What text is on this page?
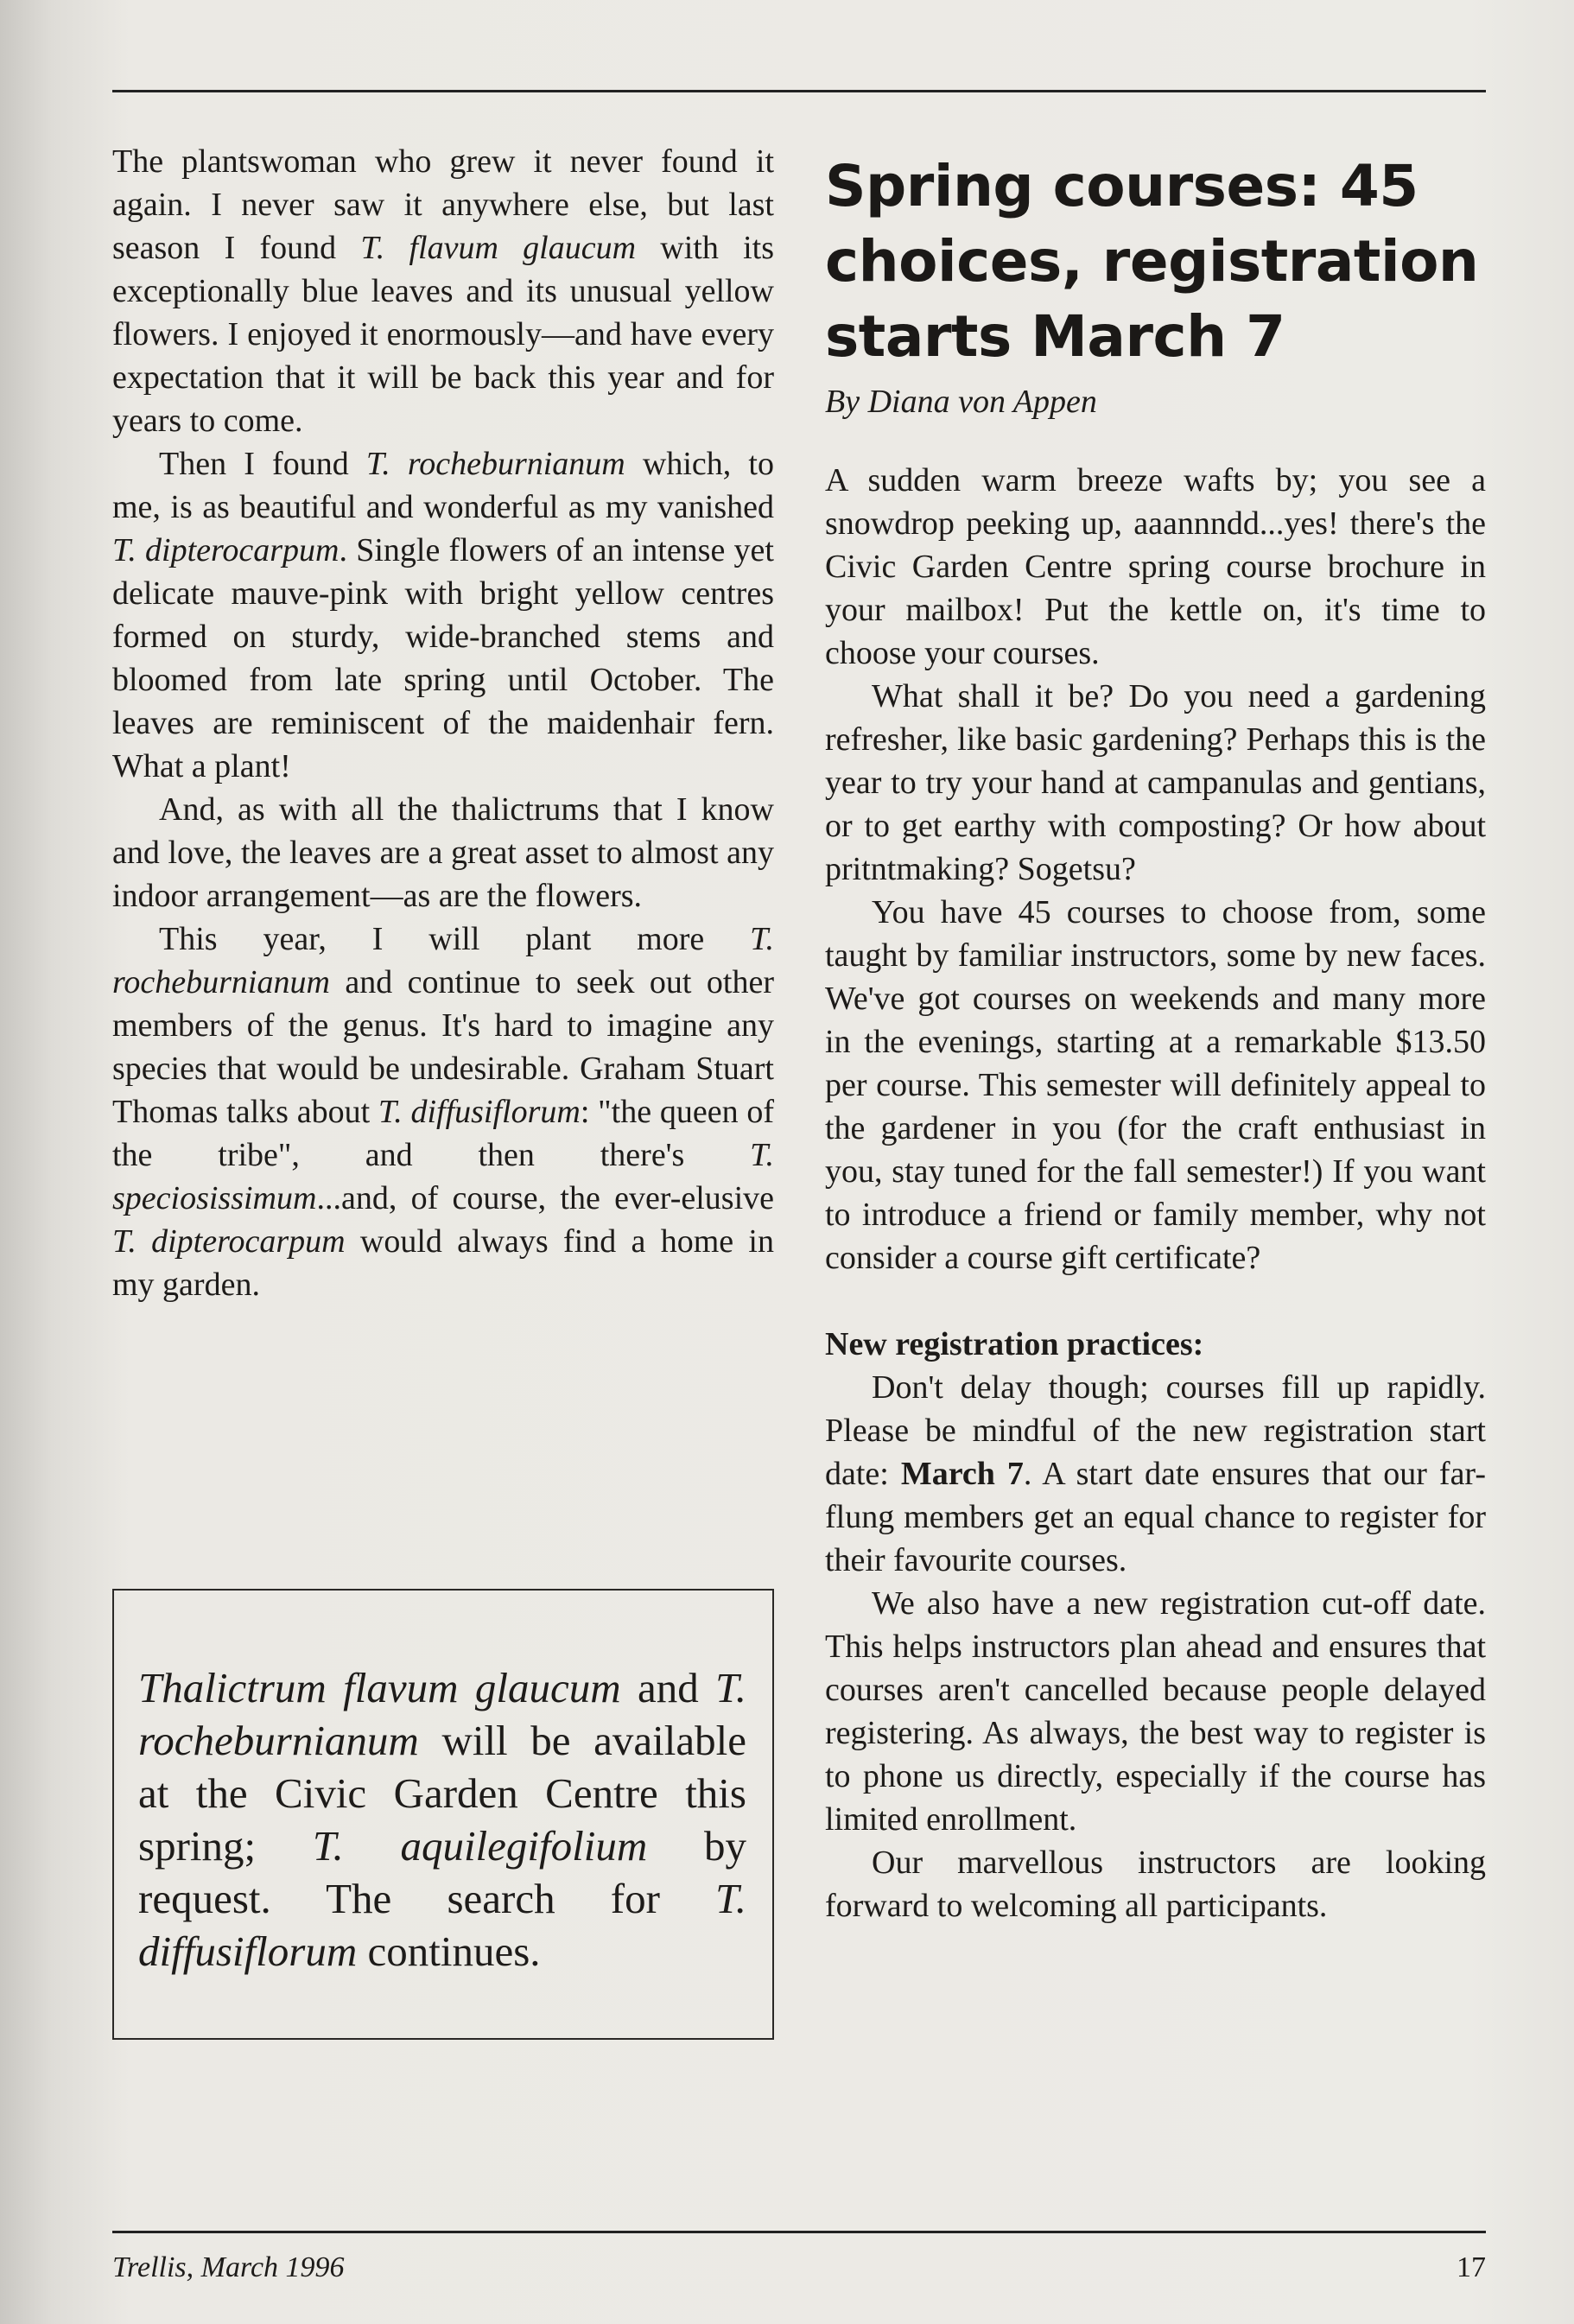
The plantswoman who grew it never found it again. I never saw it anywhere else, but last season I found T. flavum glaucum with its exceptionally blue leaves and its unusual yellow flowers. I enjoyed it enormously—and have every expectation that it will be back this year and for years to come.

Then I found T. rocheburnianum which, to me, is as beautiful and wonderful as my vanished T. dipterocarpum. Single flowers of an intense yet delicate mauve-pink with bright yellow centres formed on sturdy, wide-branched stems and bloomed from late spring until October. The leaves are reminiscent of the maidenhair fern. What a plant!

And, as with all the thalictrums that I know and love, the leaves are a great asset to almost any indoor arrangement—as are the flowers.

This year, I will plant more T. rocheburnianum and continue to seek out other members of the genus. It's hard to imagine any species that would be undesirable. Graham Stuart Thomas talks about T. diffusiflorum: "the queen of the tribe", and then there's T. speciosissimum...and, of course, the ever-elusive T. dipterocarpum would always find a home in my garden.

Thalictrum flavum glaucum and T. rocheburnianum will be available at the Civic Garden Centre this spring; T. aquilegifolium by request. The search for T. diffusiflorum continues.

Spring courses: 45 choices, registration starts March 7
By Diana von Appen

A sudden warm breeze wafts by; you see a snowdrop peeking up, aaannndd...yes! there's the Civic Garden Centre spring course brochure in your mailbox! Put the kettle on, it's time to choose your courses.

What shall it be? Do you need a gardening refresher, like basic gardening? Perhaps this is the year to try your hand at campanulas and gentians, or to get earthy with composting? Or how about pritntmaking? Sogetsu?

You have 45 courses to choose from, some taught by familiar instructors, some by new faces. We've got courses on weekends and many more in the evenings, starting at a remarkable $13.50 per course. This semester will definitely appeal to the gardener in you (for the craft enthusiast in you, stay tuned for the fall semester!) If you want to introduce a friend or family member, why not consider a course gift certificate?

New registration practices:

Don't delay though; courses fill up rapidly. Please be mindful of the new registration start date: March 7. A start date ensures that our far-flung members get an equal chance to register for their favourite courses.

We also have a new registration cut-off date. This helps instructors plan ahead and ensures that courses aren't cancelled because people delayed registering. As always, the best way to register is to phone us directly, especially if the course has limited enrollment.

Our marvellous instructors are looking forward to welcoming all participants.

Trellis, March 1996	17
